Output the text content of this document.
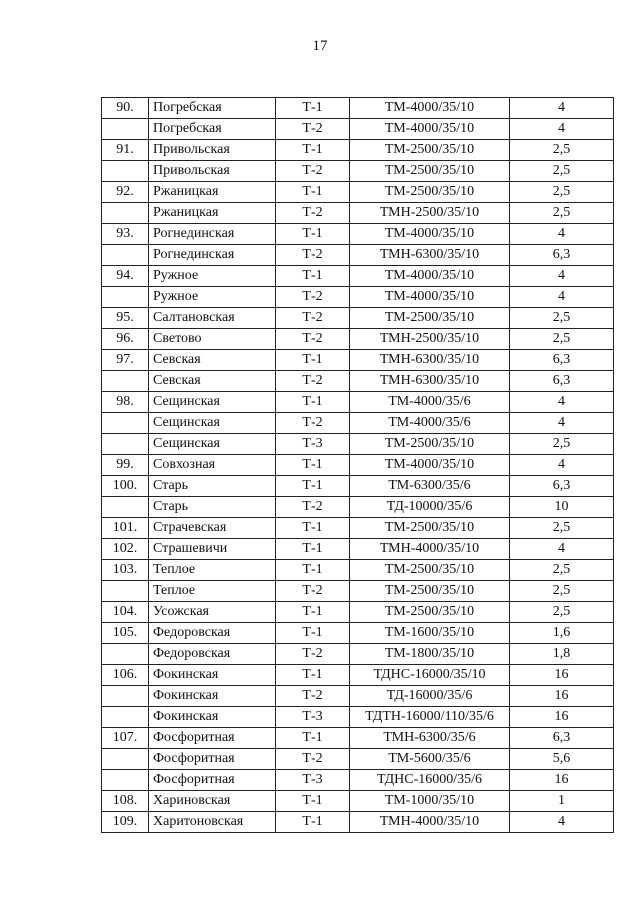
17
90.	Погребская	Т-1	ТМ-4000/35/10	4
	Погребская	Т-2	ТМ-4000/35/10	4
91.	Привольская	Т-1	ТМ-2500/35/10	2,5
	Привольская	Т-2	ТМ-2500/35/10	2,5
92.	Ржаницкая	Т-1	ТМ-2500/35/10	2,5
	Ржаницкая	Т-2	ТМН-2500/35/10	2,5
93.	Рогнединская	Т-1	ТМ-4000/35/10	4
	Рогнединская	Т-2	ТМН-6300/35/10	6,3
94.	Ружное	Т-1	ТМ-4000/35/10	4
	Ружное	Т-2	ТМ-4000/35/10	4
95.	Салтановская	Т-2	ТМ-2500/35/10	2,5
96.	Светово	Т-2	ТМН-2500/35/10	2,5
97.	Севская	Т-1	ТМН-6300/35/10	6,3
	Севская	Т-2	ТМН-6300/35/10	6,3
98.	Сещинская	Т-1	ТМ-4000/35/6	4
	Сещинская	Т-2	ТМ-4000/35/6	4
	Сещинская	Т-3	ТМ-2500/35/10	2,5
99.	Совхозная	Т-1	ТМ-4000/35/10	4
100.	Старь	Т-1	ТМ-6300/35/6	6,3
	Старь	Т-2	ТД-10000/35/6	10
101.	Страчевская	Т-1	ТМ-2500/35/10	2,5
102.	Страшевичи	Т-1	ТМН-4000/35/10	4
103.	Теплое	Т-1	ТМ-2500/35/10	2,5
	Теплое	Т-2	ТМ-2500/35/10	2,5
104.	Усожская	Т-1	ТМ-2500/35/10	2,5
105.	Федоровская	Т-1	ТМ-1600/35/10	1,6
	Федоровская	Т-2	ТМ-1800/35/10	1,8
106.	Фокинская	Т-1	ТДНС-16000/35/10	16
	Фокинская	Т-2	ТД-16000/35/6	16
	Фокинская	Т-3	ТДТН-16000/110/35/6	16
107.	Фосфоритная	Т-1	ТМН-6300/35/6	6,3
	Фосфоритная	Т-2	ТМ-5600/35/6	5,6
	Фосфоритная	Т-3	ТДНС-16000/35/6	16
108.	Хариновская	Т-1	ТМ-1000/35/10	1
109.	Харитоновская	Т-1	ТМН-4000/35/10	4
